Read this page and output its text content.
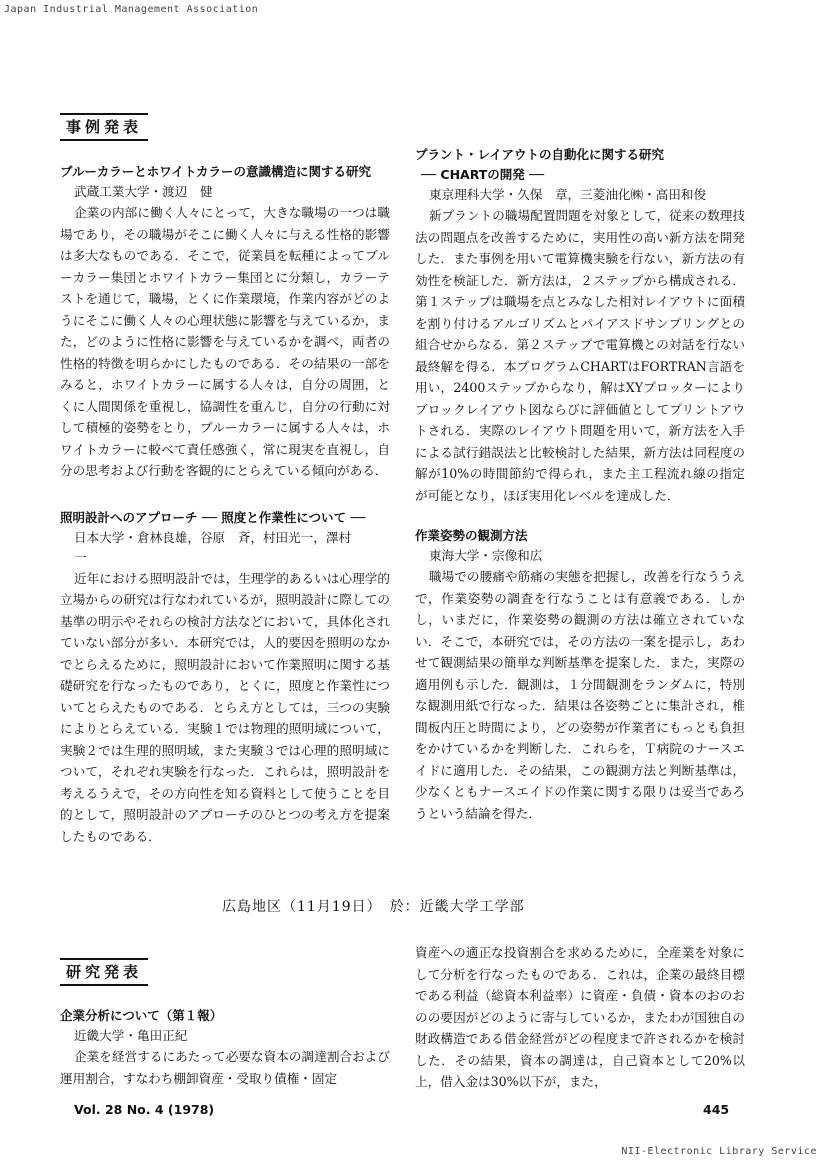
Japan Industrial Management Association
事例発表
ブルーカラーとホワイトカラーの意識構造に関する研究
武蔵工業大学・渡辺　健
企業の内部に働く人々にとって，大きな職場の一つは職場であり，その職場がそこに働く人々に与える性格的影響は多大なものである．そこで，従業員を転種によってブルーカラー集団とホワイトカラー集団とに分類し，カラーテストを通じて，職場，とくに作業環境，作業内容がどのようにそこに働く人々の心理状態に影響を与えているか，また，どのように性格に影響を与えているかを調べ，両者の性格的特徴を明らかにしたものである．その結果の一部をみると，ホワイトカラーに属する人々は，自分の周囲，とくに人間関係を重視し，協調性を重んじ，自分の行動に対して積極的姿勢をとり，ブルーカラーに属する人々は，ホワイトカラーに較べて責任感強く，常に現実を直視し，自分の思考および行動を客観的にとらえている傾向がある．
照明設計へのアプローチ ── 照度と作業性について ──
日本大学・倉林良雄，谷原　斉，村田光一，澤村
一
近年における照明設計では，生理学的あるいは心理学的立場からの研究は行なわれているが，照明設計に際しての基準の明示やそれらの検討方法などにおいて，具体化されていない部分が多い．本研究では，人的要因を照明のなかでとらえるために，照明設計において作業照明に関する基礎研究を行なったものであり，とくに，照度と作業性についてとらえたものである．とらえ方としては，三つの実験によりとらえている．実験１では物理的照明域について，実験２では生理的照明域，また実験３では心理的照明域について，それぞれ実験を行なった．これらは，照明設計を考えるうえで，その方向性を知る資料として使うことを目的として，照明設計のアプローチのひとつの考え方を提案したものである．
プラント・レイアウトの自動化に関する研究
── CHARTの開発 ──
東京理科大学・久保　章，三菱油化㈱・高田和俊
新プラントの職場配置問題を対象として，従来の数理技法の問題点を改善するために，実用性の高い新方法を開発した．また事例を用いて電算機実験を行ない，新方法の有効性を検証した．新方法は，２ステップから構成される．第１ステップは職場を点とみなした相対レイアウトに面積を割り付けるアルゴリズムとパイアスドサンプリングとの組合せからなる．第２ステップで電算機との対話を行ない最終解を得る．本プログラムCHARTはFORTRAN言語を用い，2400ステップからなり，解はXYプロッターによりブロックレイアウト図ならびに評価値としてプリントアウトされる．実際のレイアウト問題を用いて，新方法を入手による試行錯誤法と比較検討した結果，新方法は同程度の解が10%の時間節約で得られ，また主工程流れ線の指定が可能となり，ほぼ実用化レベルを達成した．
作業姿勢の観測方法
東海大学・宗像和広
職場での腰痛や筋痛の実態を把握し，改善を行なううえで，作業姿勢の調査を行なうことは有意義である．しかし，いまだに，作業姿勢の観測の方法は確立されていない．そこで，本研究では，その方法の一案を提示し，あわせて観測結果の簡単な判断基準を提案した．また，実際の適用例も示した．観測は，１分間観測をランダムに，特別な観測用紙で行なった．結果は各姿勢ごとに集計され，椎間板内圧と時間により，どの姿勢が作業者にもっとも負担をかけているかを判断した．これらを，Ｔ病院のナースエイドに適用した．その結果，この観測方法と判断基準は，少なくともナースエイドの作業に関する限りは妥当であろうという結論を得た．
広島地区（11月19日）　於：近畿大学工学部
研究発表
企業分析について（第１報）
近畿大学・亀田正紀
企業を経営するにあたって必要な資本の調達割合および運用割合，すなわち棚卸資産・受取り債権・固定
資産への適正な投資割合を求めるために，全産業を対象にして分析を行なったものである．これは，企業の最終目標である利益（総資本利益率）に資産・負債・資本のおのおのの要因がどのように寄与しているか，またわが国独自の財政構造である借金経営がどの程度まで許されるかを検討した．その結果，資本の調達は，自己資本として20%以上，借入金は30%以下が，また，
Vol. 28 No. 4 (1978)	445
NII-Electronic Library Service
